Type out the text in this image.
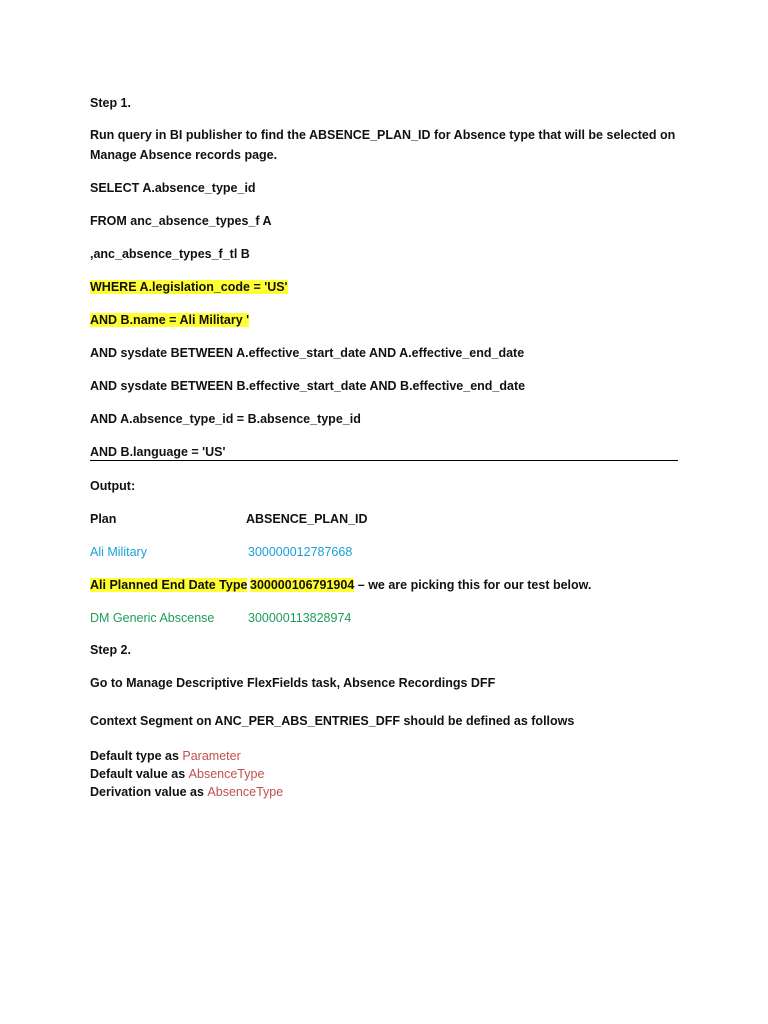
Step 1.
Run query in BI publisher to find the ABSENCE_PLAN_ID for Absence type that will be selected on
Manage Absence records page.
SELECT A.absence_type_id
FROM anc_absence_types_f A
,anc_absence_types_f_tl B
WHERE A.legislation_code = 'US'
AND B.name = Ali Military '
AND sysdate BETWEEN A.effective_start_date AND A.effective_end_date
AND sysdate BETWEEN B.effective_start_date AND B.effective_end_date
AND A.absence_type_id = B.absence_type_id
AND B.language = 'US'
Output:
Plan	ABSENCE_PLAN_ID
Ali Military	300000012787668
Ali Planned End Date Type 300000106791904 – we are picking this for our test below.
DM Generic Abscense	300000113828974
Step 2.
Go to Manage Descriptive FlexFields task, Absence Recordings DFF
Context Segment on ANC_PER_ABS_ENTRIES_DFF should be defined as follows
Default type as Parameter
Default value as AbsenceType
Derivation value as AbsenceType
